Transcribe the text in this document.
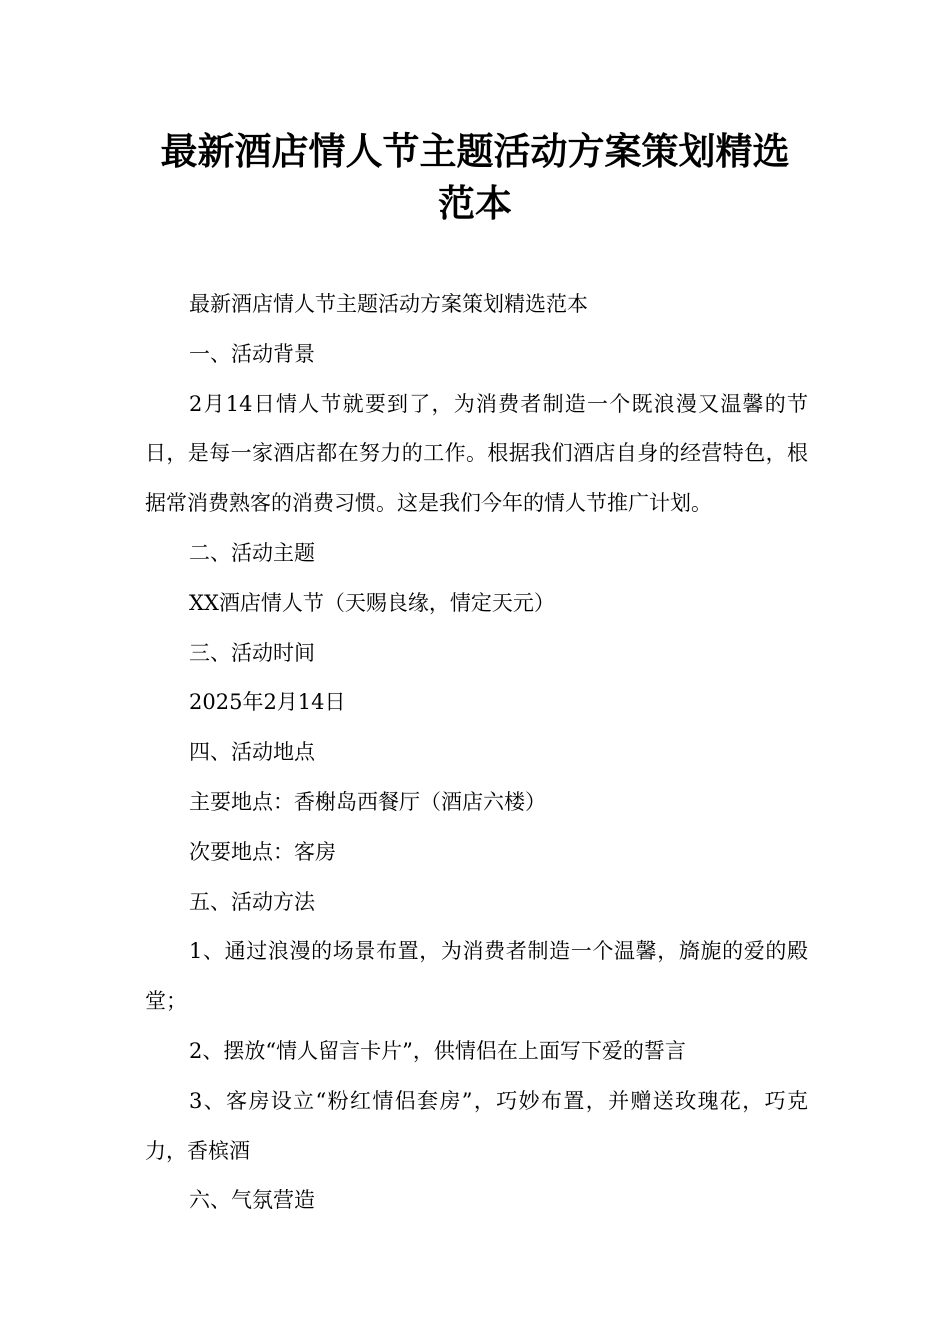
最新酒店情人节主题活动方案策划精选
范本

最新酒店情人节主题活动方案策划精选范本

一、活动背景

2月14日情人节就要到了，为消费者制造一个既浪漫又温馨的节日，是每一家酒店都在努力的工作。根据我们酒店自身的经营特色，根据常消费熟客的消费习惯。这是我们今年的情人节推广计划。

二、活动主题

XX酒店情人节（天赐良缘，情定天元）

三、活动时间

2025年2月14日

四、活动地点

主要地点：香榭岛西餐厅（酒店六楼）

次要地点：客房

五、活动方法

1、通过浪漫的场景布置，为消费者制造一个温馨，旖旎的爱的殿堂；

2、摆放“情人留言卡片”，供情侣在上面写下爱的誓言

3、客房设立“粉红情侣套房”，巧妙布置，并赠送玫瑰花，巧克力，香槟酒

六、气氛营造
